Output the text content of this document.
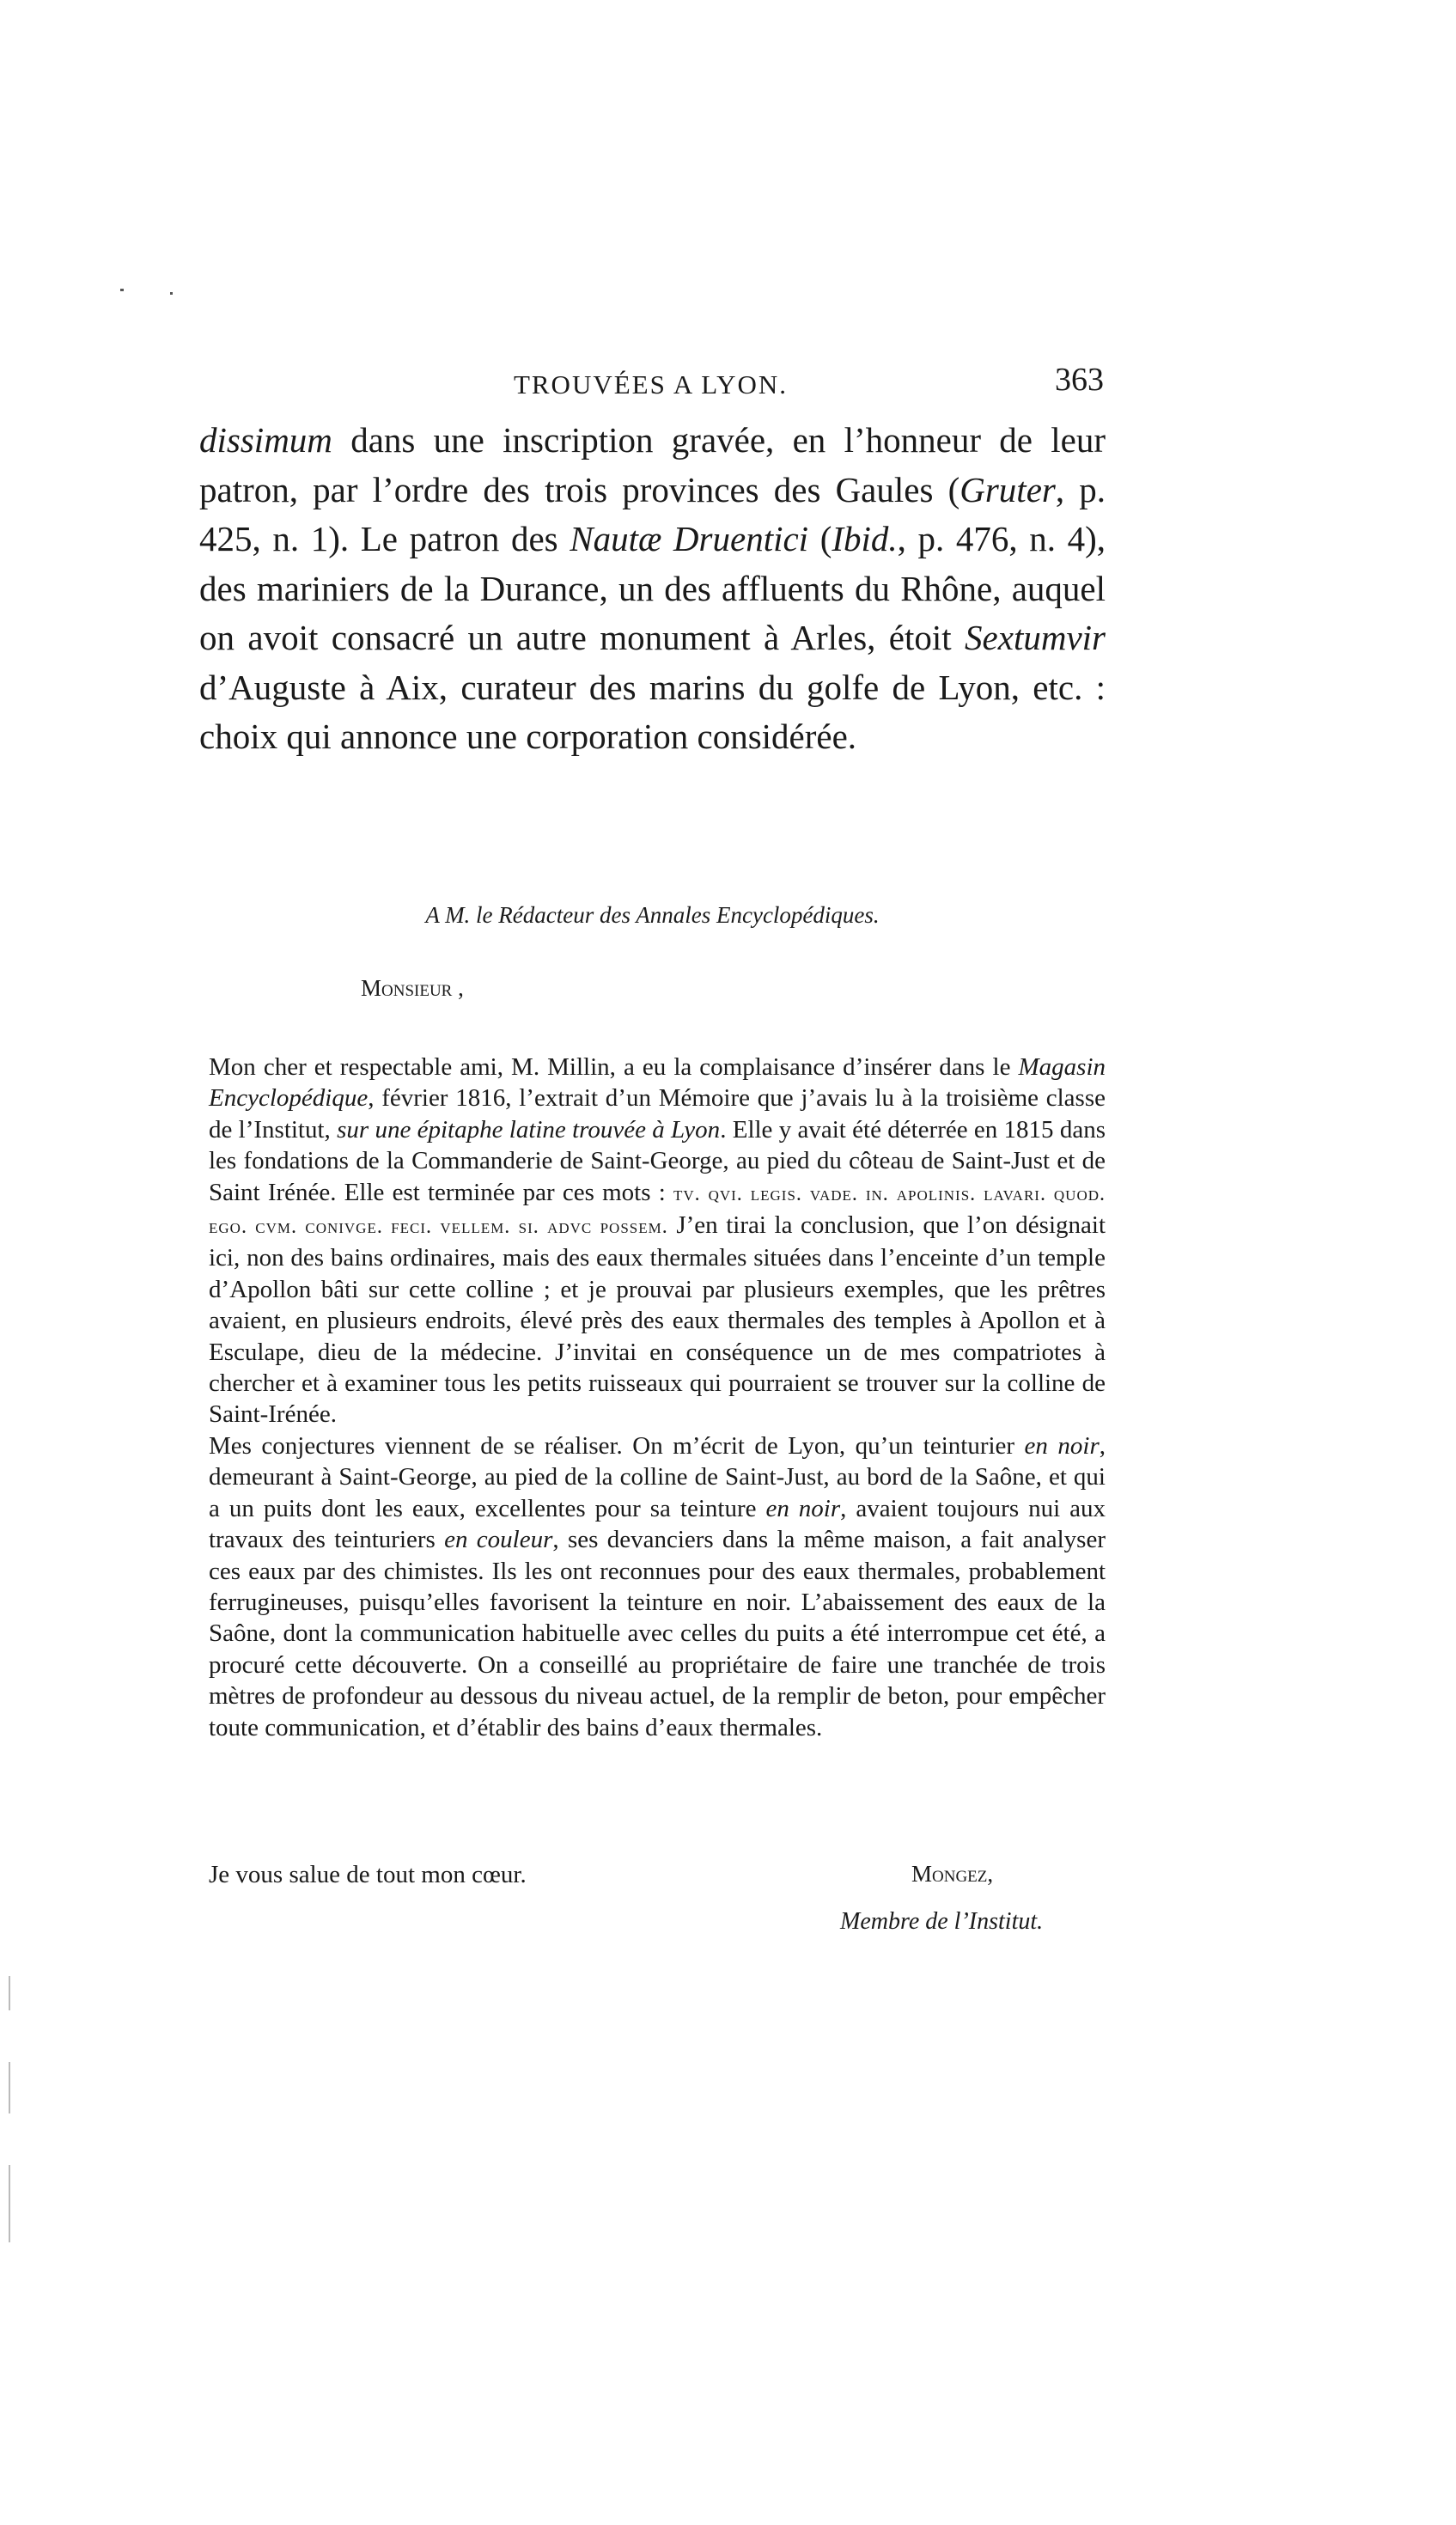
TROUVÉES A LYON.	363

dissimum dans une inscription gravée, en l’honneur de leur patron, par l’ordre des trois provinces des Gaules (Gruter, p. 425, n. 1). Le patron des Nautæ Druentici (Ibid., p. 476, n. 4), des mariniers de la Durance, un des affluents du Rhône, auquel on avoit consacré un autre monument à Arles, étoit Sextumvir d’Auguste à Aix, curateur des marins du golfe de Lyon, etc. : choix qui annonce une corporation considérée.

A M. le Rédacteur des Annales Encyclopédiques.
Monsieur ,

Mon cher et respectable ami, M. Millin, a eu la complaisance d’insérer dans le Magasin Encyclopédique, février 1816, l’extrait d’un Mémoire que j’avais lu à la troisième classe de l’Institut, sur une épitaphe latine trouvée à Lyon. Elle y avait été déterrée en 1815 dans les fondations de la Commanderie de Saint-George, au pied du côteau de Saint-Just et de Saint Irénée. Elle est terminée par ces mots : tv. qvi. legis. vade. in. apolinis. lavari. quod. ego. cvm. conivge. feci. vellem. si. advc possem. J’en tirai la conclusion, que l’on désignait ici, non des bains ordinaires, mais des eaux thermales situées dans l’enceinte d’un temple d’Apollon bâti sur cette colline ; et je prouvai par plusieurs exemples, que les prêtres avaient, en plusieurs endroits, élevé près des eaux thermales des temples à Apollon et à Esculape, dieu de la médecine. J’invitai en conséquence un de mes compatriotes à chercher et à examiner tous les petits ruisseaux qui pourraient se trouver sur la colline de Saint-Irénée.

Mes conjectures viennent de se réaliser. On m’écrit de Lyon, qu’un teinturier en noir, demeurant à Saint-George, au pied de la colline de Saint-Just, au bord de la Saône, et qui a un puits dont les eaux, excellentes pour sa teinture en noir, avaient toujours nui aux travaux des teinturiers en couleur, ses devanciers dans la même maison, a fait analyser ces eaux par des chimistes. Ils les ont reconnues pour des eaux thermales, probablement ferrugineuses, puisqu’elles favorisent la teinture en noir. L’abaissement des eaux de la Saône, dont la communication habituelle avec celles du puits a été interrompue cet été, a procuré cette découverte. On a conseillé au propriétaire de faire une tranchée de trois mètres de profondeur au dessous du niveau actuel, de la remplir de beton, pour empêcher toute communication, et d’établir des bains d’eaux thermales.

Je vous salue de tout mon cœur.	Mongez,
Membre de l’Institut.
